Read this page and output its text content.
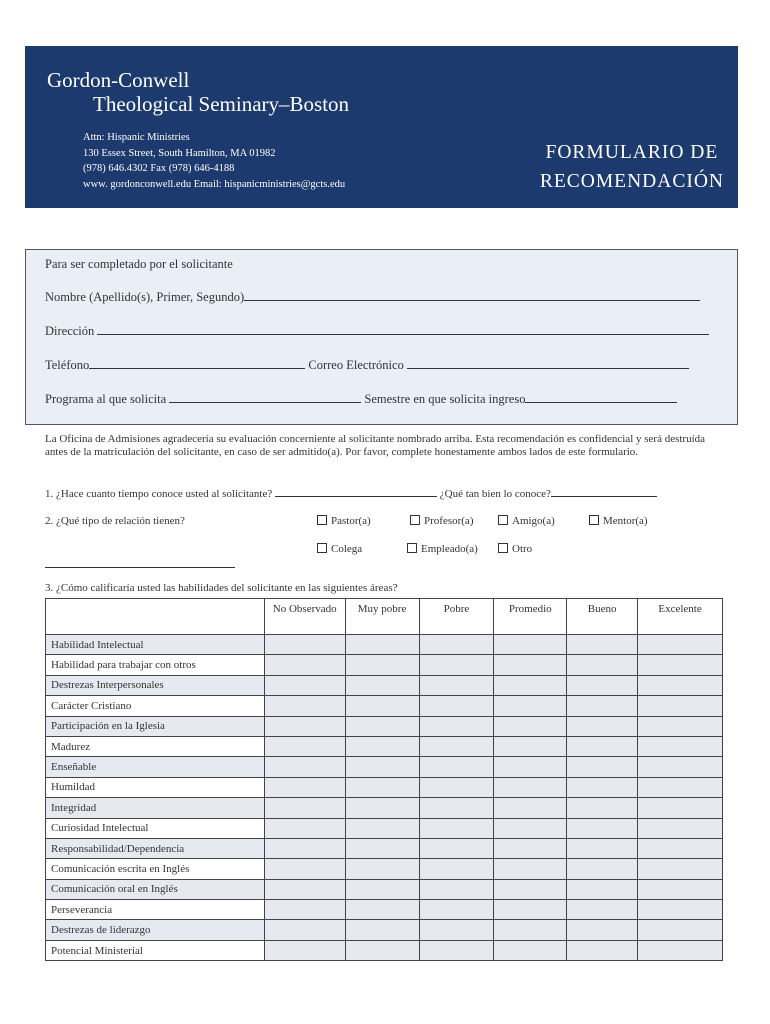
Gordon-Conwell
Theological Seminary–Boston
Attn: Hispanic Ministries
130 Essex Street, South Hamilton, MA 01982
(978) 646.4302 Fax (978) 646-4188
www. gordonconwell.edu Email: hispanicministries@gcts.edu
FORMULARIO DE
RECOMENDACIÓN
Para ser completado por el solicitante
Nombre (Apellido(s), Primer, Segundo)
Dirección
Teléfono	Correo Electrónico
Programa al que solicita	Semestre en que solicita ingreso
La Oficina de Admisiones agradecería su evaluación concerniente al solicitante nombrado arriba. Esta recomendación es confidencial y será destruída antes de la matriculación del solicitante, en caso de ser admitido(a). Por favor, complete honestamente ambos lados de este formulario.
1. ¿Hace cuanto tiempo conoce usted al solicitante?	¿Qué tan bien lo conoce?
2. ¿Qué tipo de relación tienen?	Pastor(a)	Profesor(a)	Amigo(a)	Mentor(a)
Colega	Empleado(a)	Otro
3. ¿Cómo calificaría usted las habilidades del solicitante en las siguientes áreas?
	No Observado	Muy pobre	Pobre	Promedio	Bueno	Excelente
Habilidad Intelectual						
Habilidad para trabajar con otros						
Destrezas Interpersonales						
Carácter Cristiano						
Participación en la Iglesia						
Madurez						
Enseñable						
Humildad						
Integridad						
Curiosidad Intelectual						
Responsabilidad/Dependencia						
Comunicación escrita en Inglés						
Comunicación oral en Inglés						
Perseverancia						
Destrezas de liderazgo						
Potencial Ministerial						
